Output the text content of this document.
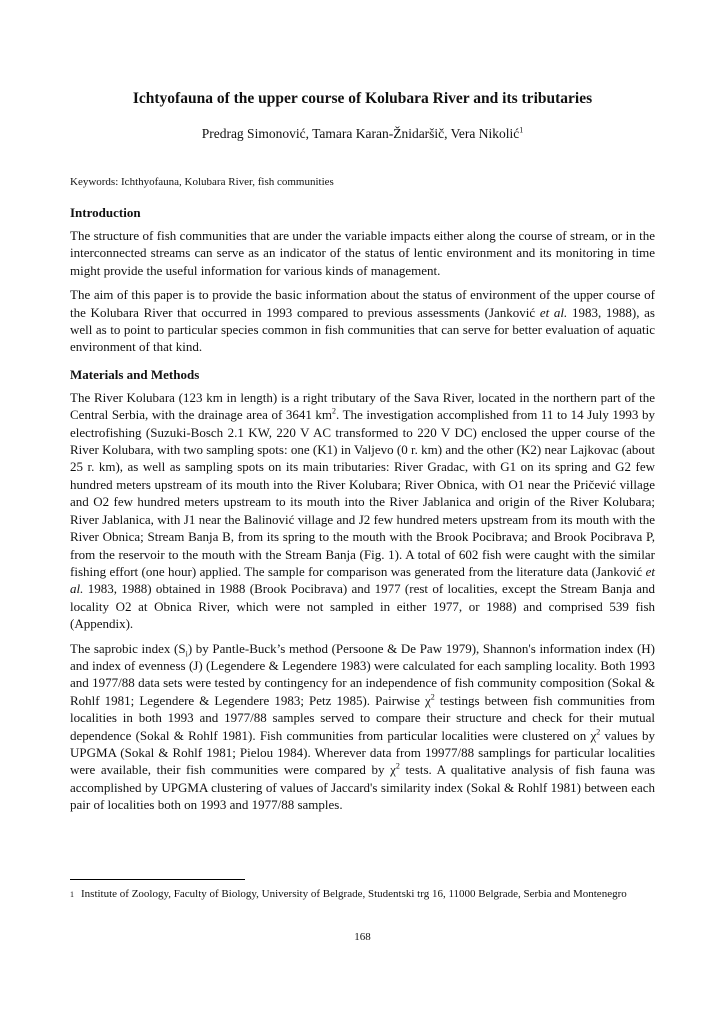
Ichtyofauna of the upper course of Kolubara River and its tributaries
Predrag Simonović, Tamara Karan-Žnidaršič, Vera Nikolić$^1$
Keywords: Ichthyofauna, Kolubara River, fish communities
Introduction

The structure of fish communities that are under the variable impacts either along the course of stream, or in the interconnected streams can serve as an indicator of the status of lentic environment and its monitoring in time might provide the useful information for various kinds of management.

The aim of this paper is to provide the basic information about the status of environment of the upper course of the Kolubara River that occurred in 1993 compared to previous assessments (Janković et al. 1983, 1988), as well as to point to particular species common in fish communities that can serve for better evaluation of aquatic environment of that kind.

Materials and Methods

The River Kolubara (123 km in length) is a right tributary of the Sava River, located in the northern part of the Central Serbia, with the drainage area of 3641 $km^2$. The investigation accomplished from 11 to 14 July 1993 by electrofishing (Suzuki-Bosch 2.1 KW, 220 V AC transformed to 220 V DC) enclosed the upper course of the River Kolubara, with two sampling spots: one (K1) in Valjevo (0 r. km) and the other (K2) near Lajkovac (about 25 r. km), as well as sampling spots on its main tributaries: River Gradac, with G1 on its spring and G2 few hundred meters upstream of its mouth into the River Kolubara; River Obnica, with O1 near the Pričević village and O2 few hundred meters upstream to its mouth into the River Jablanica and origin of the River Kolubara; River Jablanica, with J1 near the Balinović village and J2 few hundred meters upstream from its mouth with the River Obnica; Stream Banja B, from its spring to the mouth with the Brook Pocibrava; and Brook Pocibrava P, from the reservoir to the mouth with the Stream Banja (Fig. 1). A total of 602 fish were caught with the similar fishing effort (one hour) applied. The sample for comparison was generated from the literature data (Janković et al. 1983, 1988) obtained in 1988 (Brook Pocibrava) and 1977 (rest of localities, except the Stream Banja and locality O2 at Obnica River, which were not sampled in either 1977, or 1988) and comprised 539 fish (Appendix).

The saprobic index $(S_i)$ by Pantle-Buck’s method (Persoone & De Paw 1979), Shannon's information index (H) and index of evenness (J) (Legendere & Legendere 1983) were calculated for each sampling locality. Both 1993 and 1977/88 data sets were tested by contingency for an independence of fish community composition (Sokal & Rohlf 1981; Legendere & Legendere 1983; Petz 1985). Pairwise $\chi^2$ testings between fish communities from localities in both 1993 and 1977/88 samples served to compare their structure and check for their mutual dependence (Sokal & Rohlf 1981). Fish communities from particular localities were clustered on $\chi^2$ values by UPGMA (Sokal & Rohlf 1981; Pielou 1984). Wherever data from 19977/88 samplings for particular localities were available, their fish communities were compared by $\chi^2$ tests. A qualitative analysis of fish fauna was accomplished by UPGMA clustering of values of Jaccard's similarity index (Sokal & Rohlf 1981) between each pair of localities both on 1993 and 1977/88 samples.

1 Institute of Zoology, Faculty of Biology, University of Belgrade, Studentski trg 16, 11000 Belgrade, Serbia and Montenegro
168
